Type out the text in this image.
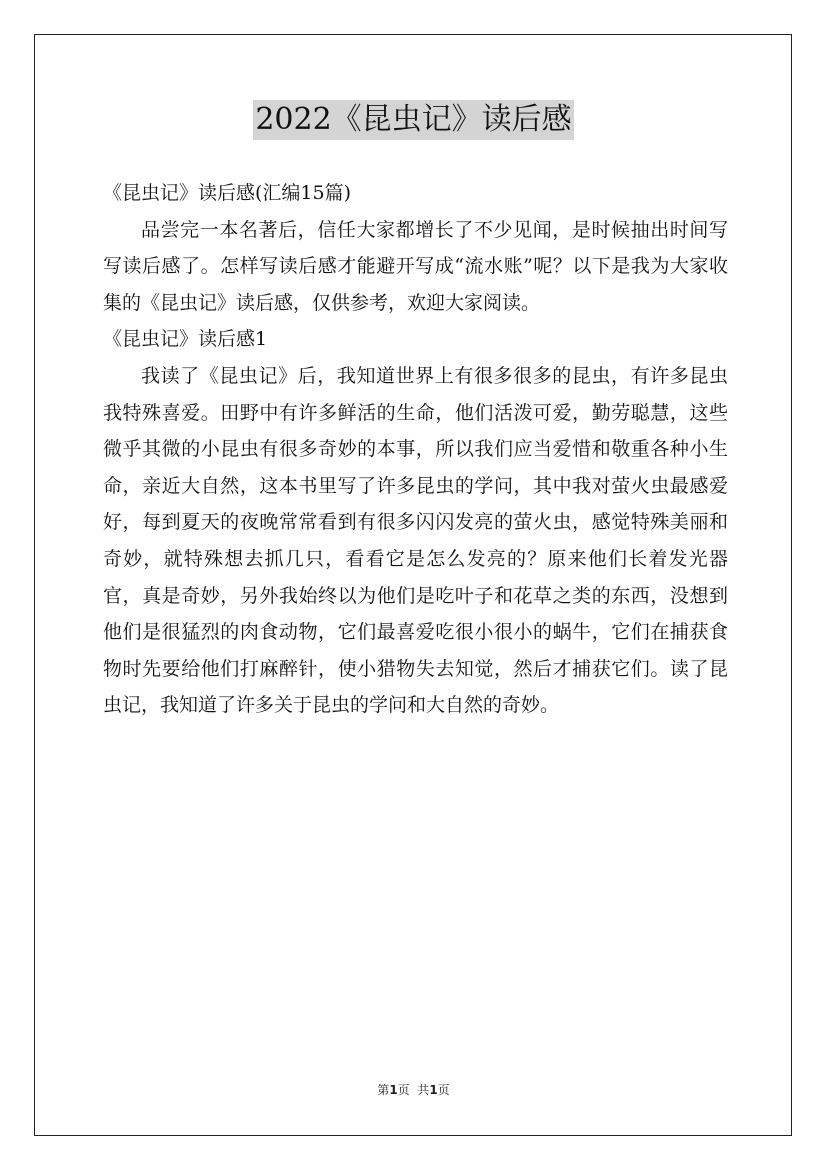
2022《昆虫记》读后感

《昆虫记》读后感(汇编15篇)

品尝完一本名著后，信任大家都增长了不少见闻，是时候抽出时间写写读后感了。怎样写读后感才能避开写成“流水账”呢？以下是我为大家收集的《昆虫记》读后感，仅供参考，欢迎大家阅读。

《昆虫记》读后感1

我读了《昆虫记》后，我知道世界上有很多很多的昆虫，有许多昆虫我特殊喜爱。田野中有许多鲜活的生命，他们活泼可爱，勤劳聪慧，这些微乎其微的小昆虫有很多奇妙的本事，所以我们应当爱惜和敬重各种小生命，亲近大自然，这本书里写了许多昆虫的学问，其中我对萤火虫最感爱好，每到夏天的夜晚常常看到有很多闪闪发亮的萤火虫，感觉特殊美丽和奇妙，就特殊想去抓几只，看看它是怎么发亮的？原来他们长着发光器官，真是奇妙，另外我始终以为他们是吃叶子和花草之类的东西，没想到他们是很猛烈的肉食动物，它们最喜爱吃很小很小的蜗牛，它们在捕获食物时先要给他们打麻醉针，使小猎物失去知觉，然后才捕获它们。读了昆虫记，我知道了许多关于昆虫的学问和大自然的奇妙。

第1页  共1页
